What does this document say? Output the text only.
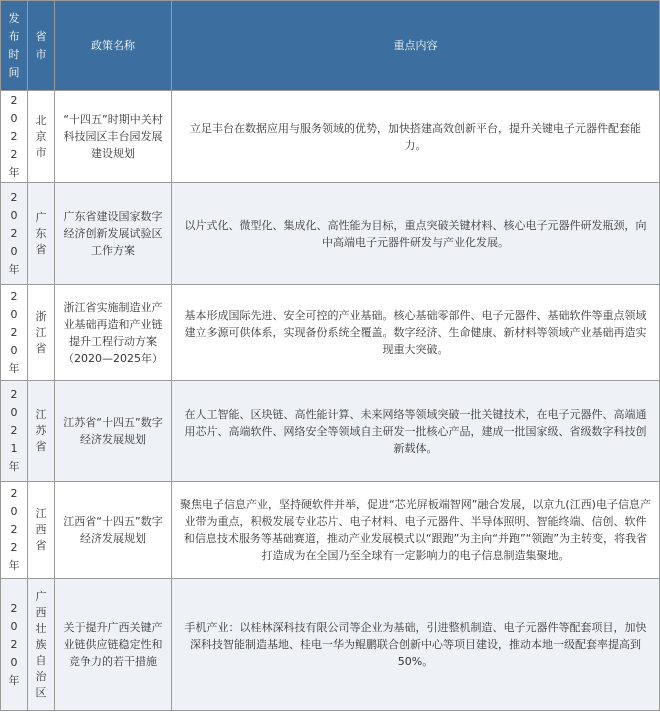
发布时间	省市	政策名称	重点内容
2022年	北京市	“十四五”时期中关村科技园区丰台园发展建设规划	立足丰台在数据应用与服务领域的优势，加快搭建高效创新平台，提升关键电子元器件配套能力。
2020年	广东省	广东省建设国家数字经济创新发展试验区工作方案	以片式化、微型化、集成化、高性能为目标，重点突破关键材料、核心电子元器件研发瓶颈，向中高端电子元器件研发与产业化发展。
2020年	浙江省	浙江省实施制造业产业基础再造和产业链提升工程行动方案（2020—2025年）	基本形成国际先进、安全可控的产业基础。核心基础零部件、电子元器件、基础软件等重点领域建立多源可供体系，实现备份系统全覆盖。数字经济、生命健康、新材料等领域产业基础再造实现重大突破。
2021年	江苏省	江苏省“十四五”数字经济发展规划	在人工智能、区块链、高性能计算、未来网络等领域突破一批关键技术，在电子元器件、高端通用芯片、高端软件、网络安全等领域自主研发一批核心产品，建成一批国家级、省级数字科技创新载体。
2022年	江西省	江西省“十四五”数字经济发展规划	聚焦电子信息产业，坚持硬软件并举，促进“芯光屏板端智网”融合发展，以京九(江西)电子信息产业带为重点，积极发展专业芯片、电子材料、电子元器件、半导体照明、智能终端、信创、软件和信息技术服务等基础赛道，推动产业发展模式以“跟跑”为主向“并跑”“领跑”为主转变，将我省打造成为在全国乃至全球有一定影响力的电子信息制造集聚地。
2020年	广西壮族自治区	关于提升广西关键产业链供应链稳定性和竞争力的若干措施	手机产业：以桂林深科技有限公司等企业为基础，引进整机制造、电子元器件等配套项目，加快深科技智能制造基地、桂电一华为鲲鹏联合创新中心等项目建设，推动本地一级配套率提高到50%。
